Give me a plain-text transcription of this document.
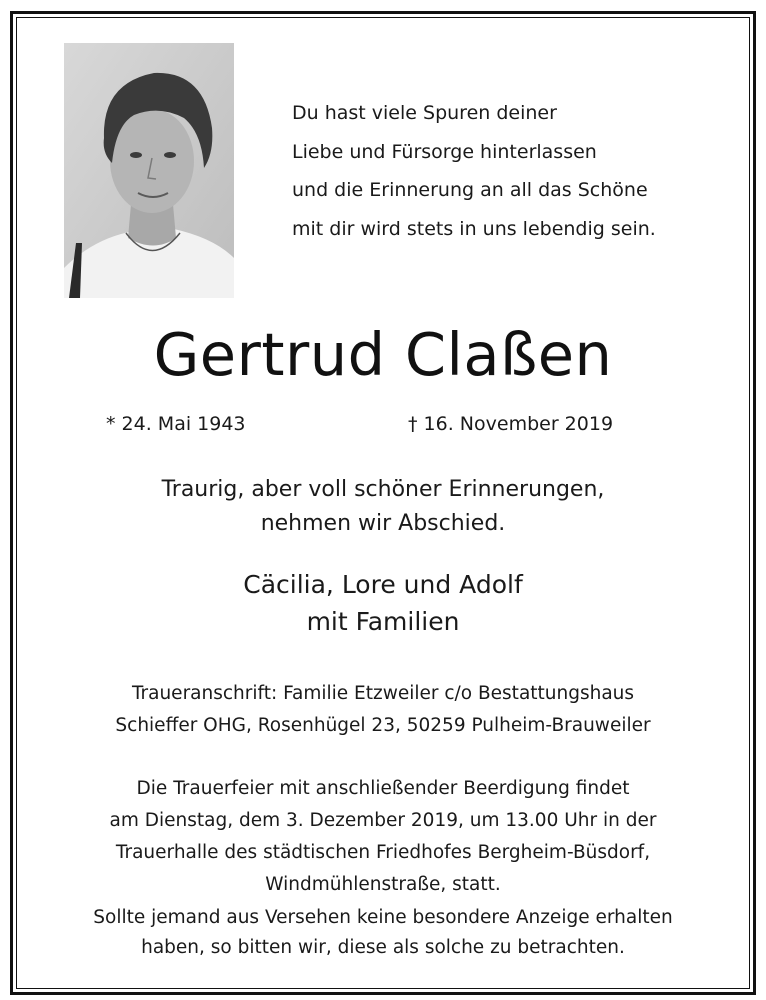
Du hast viele Spuren deiner
Liebe und Fürsorge hinterlassen
und die Erinnerung an all das Schöne
mit dir wird stets in uns lebendig sein.
Gertrud Claßen
* 24. Mai 1943	† 16. November 2019
Traurig, aber voll schöner Erinnerungen,
nehmen wir Abschied.
Cäcilia, Lore und Adolf
mit Familien
Traueranschrift: Familie Etzweiler c/o Bestattungshaus
Schieffer OHG, Rosenhügel 23, 50259 Pulheim-Brauweiler
Die Trauerfeier mit anschließender Beerdigung findet
am Dienstag, dem 3. Dezember 2019, um 13.00 Uhr in der
Trauerhalle des städtischen Friedhofes Bergheim-Büsdorf,
Windmühlenstraße, statt.
Sollte jemand aus Versehen keine besondere Anzeige erhalten
haben, so bitten wir, diese als solche zu betrachten.
